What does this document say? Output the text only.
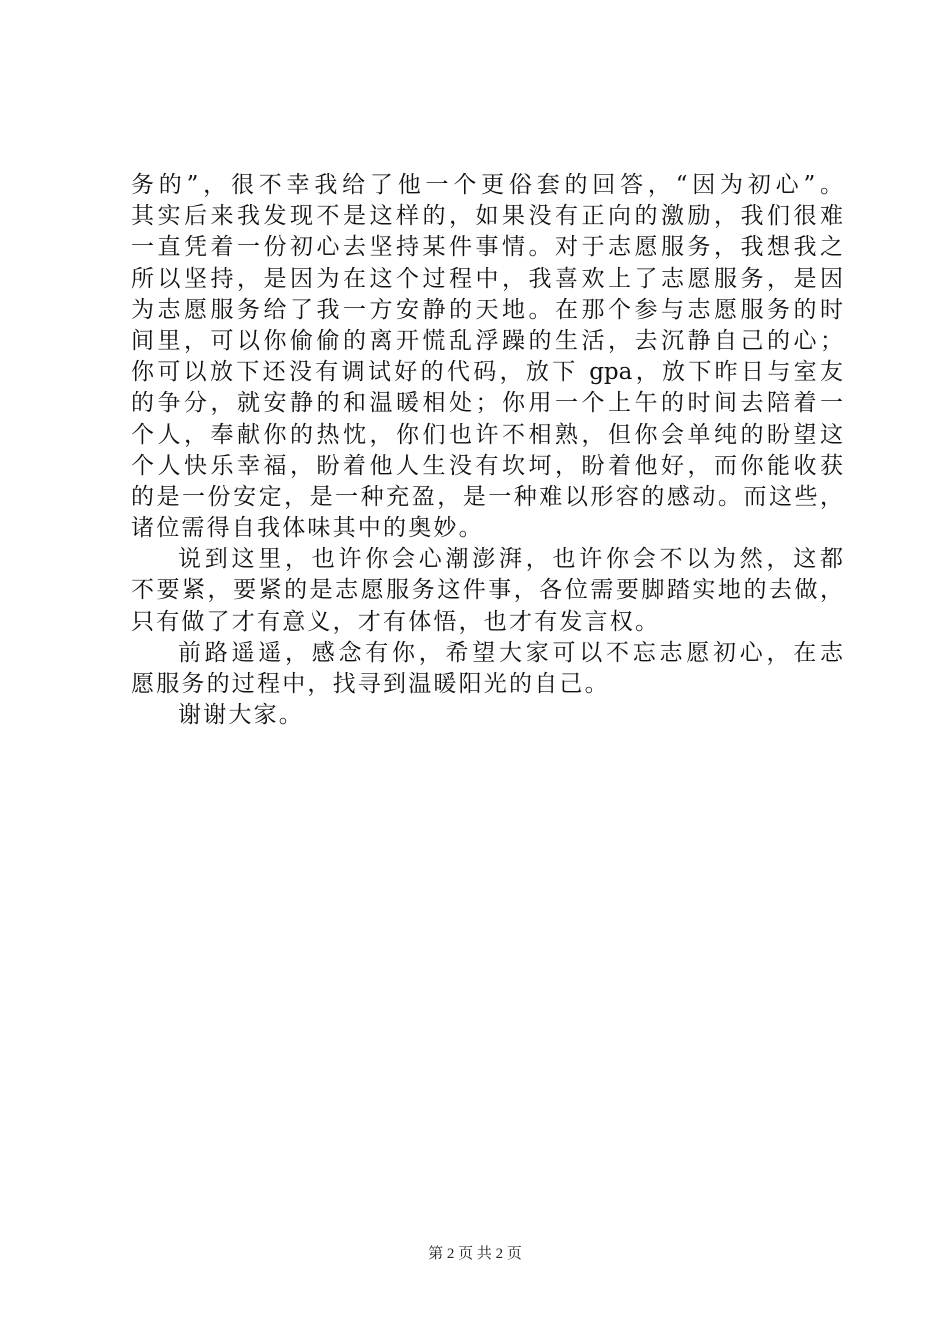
务的”，很不幸我给了他一个更俗套的回答，“因为初心”。
其实后来我发现不是这样的，如果没有正向的激励，我们很难
一直凭着一份初心去坚持某件事情。对于志愿服务，我想我之
所以坚持，是因为在这个过程中，我喜欢上了志愿服务，是因
为志愿服务给了我一方安静的天地。在那个参与志愿服务的时
间里，可以你偷偷的离开慌乱浮躁的生活，去沉静自己的心；
你可以放下还没有调试好的代码，放下 gpa，放下昨日与室友
的争分，就安静的和温暖相处；你用一个上午的时间去陪着一
个人，奉献你的热忱，你们也许不相熟，但你会单纯的盼望这
个人快乐幸福，盼着他人生没有坎坷，盼着他好，而你能收获
的是一份安定，是一种充盈，是一种难以形容的感动。而这些，
诸位需得自我体味其中的奥妙。
说到这里，也许你会心潮澎湃，也许你会不以为然，这都
不要紧，要紧的是志愿服务这件事，各位需要脚踏实地的去做，
只有做了才有意义，才有体悟，也才有发言权。
前路遥遥，感念有你，希望大家可以不忘志愿初心，在志
愿服务的过程中，找寻到温暖阳光的自己。
谢谢大家。
第 2 页 共 2 页
